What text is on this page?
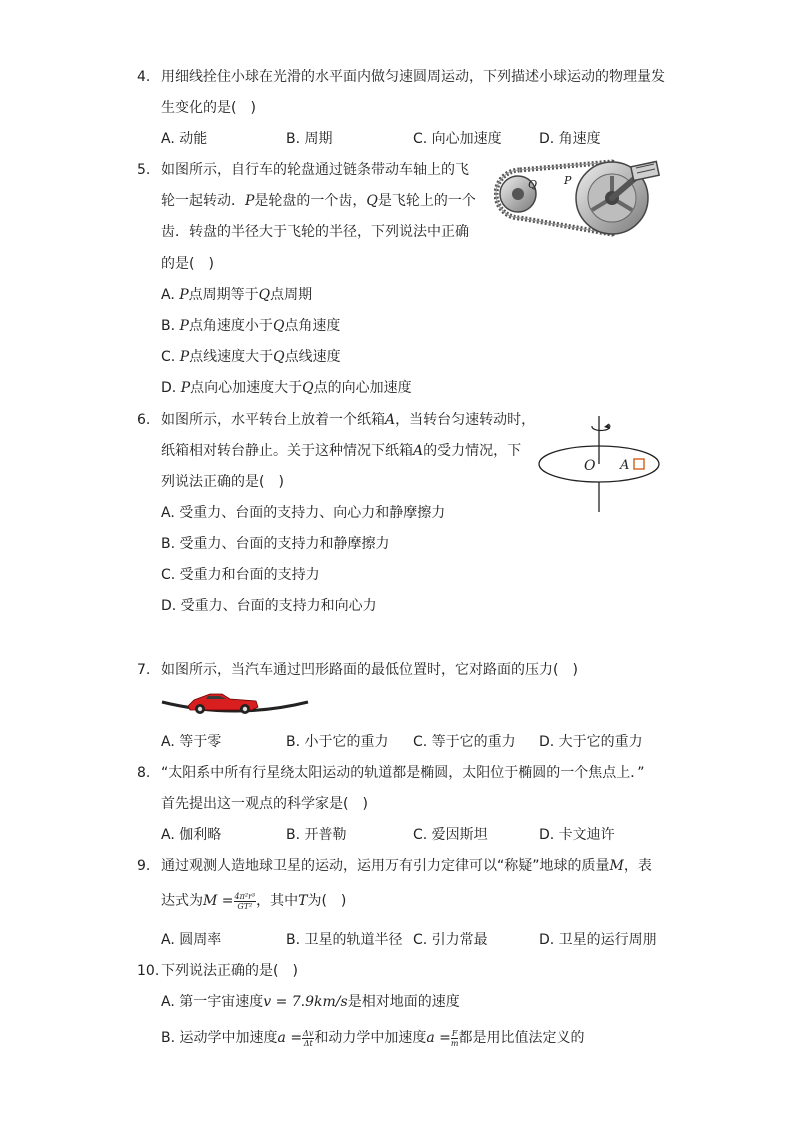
4. 用细线拴住小球在光滑的水平面内做匀速圆周运动，下列描述小球运动的物理量发
生变化的是(　)
A. 动能	B. 周期	C. 向心加速度	D. 角速度
5. 如图所示，自行车的轮盘通过链条带动车轴上的飞
轮一起转动．P是轮盘的一个齿，Q是飞轮上的一个
齿．转盘的半径大于飞轮的半径，下列说法中正确
的是(　)
A. P点周期等于Q点周期
B. P点角速度小于Q点角速度
C. P点线速度大于Q点线速度
D. P点向心加速度大于Q点的向心加速度
Q P
6. 如图所示，水平转台上放着一个纸箱A，当转台匀速转动时，
纸箱相对转台静止。关于这种情况下纸箱A的受力情况，下
列说法正确的是(　)
A. 受重力、台面的支持力、向心力和静摩擦力
B. 受重力、台面的支持力和静摩擦力
C. 受重力和台面的支持力
D. 受重力、台面的支持力和向心力
O A
7. 如图所示，当汽车通过凹形路面的最低位置时，它对路面的压力(　)
A. 等于零	B. 小于它的重力 C. 等于它的重力 D. 大于它的重力
8. “太阳系中所有行星绕太阳运动的轨道都是椭圆，太阳位于椭圆的一个焦点上．”
首先提出这一观点的科学家是(　)
A. 伽利略	B. 开普勒	C. 爱因斯坦	D. 卡文迪许
9. 通过观测人造地球卫星的运动，运用万有引力定律可以“称疑”地球的质量M，表
达式为$M = \frac{\text{4π²r³}}{\text{GT²}}$ ，其中T为(　)
A. 圆周率	B. 卫星的轨道半径 C. 引力常最	D. 卫星的运行周朋
10. 下列说法正确的是(　)
A. 第一宇宙速度v = 7.9km/s是相对地面的速度
B. 运动学中加速度$a = \frac{\Delta v}{\Delta t}$ 和动力学中加速度$a = \frac{F}{m}$ 都是用比值法定义的
